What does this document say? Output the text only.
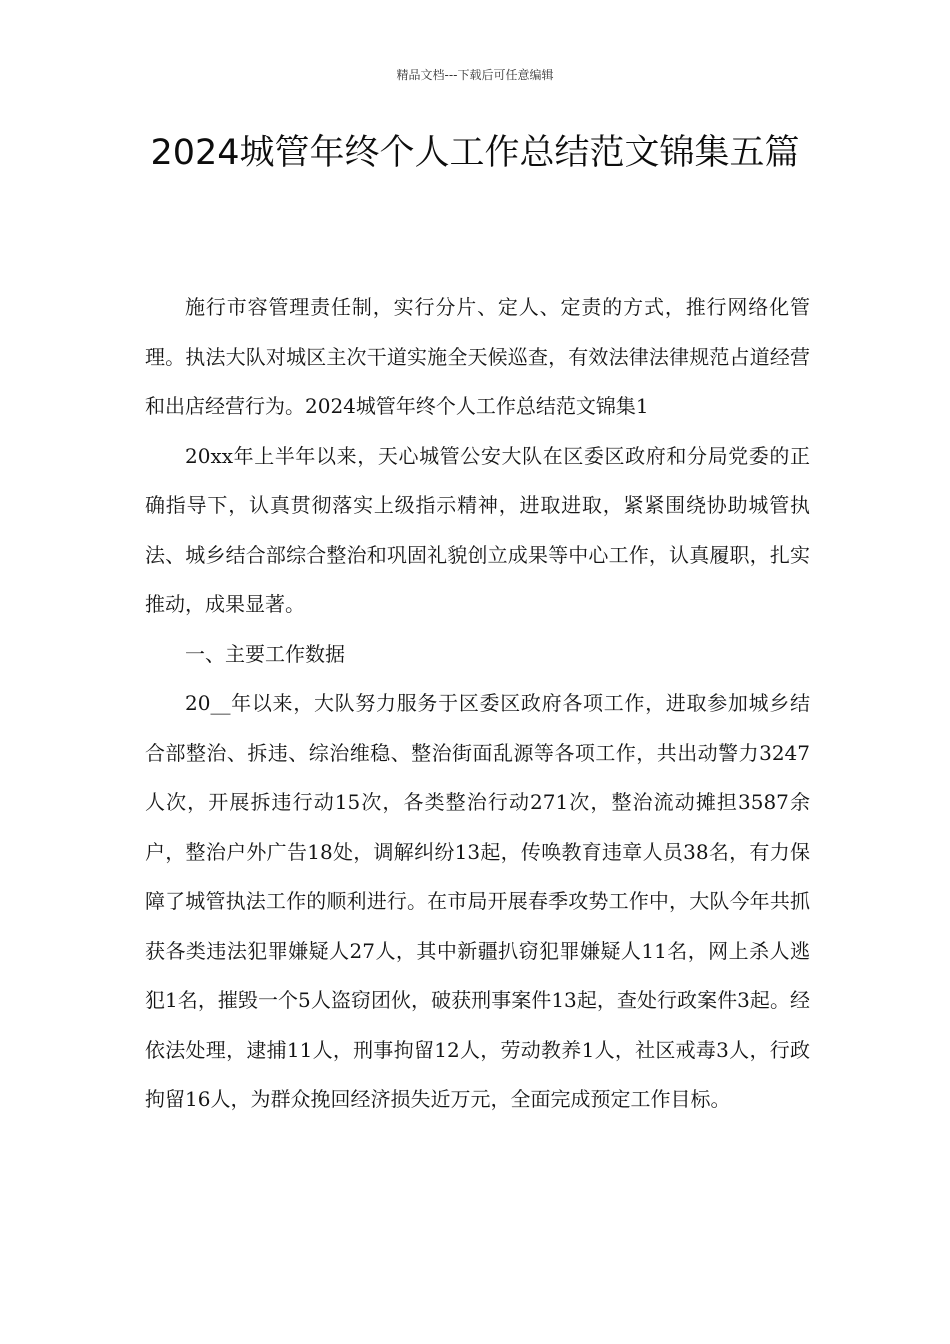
精品文档---下载后可任意编辑
2024城管年终个人工作总结范文锦集五篇

施行市容管理责任制，实行分片、定人、定责的方式，推行网络化管理。执法大队对城区主次干道实施全天候巡查，有效法律法律规范占道经营和出店经营行为。2024城管年终个人工作总结范文锦集1

20xx年上半年以来，天心城管公安大队在区委区政府和分局党委的正确指导下，认真贯彻落实上级指示精神，进取进取，紧紧围绕协助城管执法、城乡结合部综合整治和巩固礼貌创立成果等中心工作，认真履职，扎实推动，成果显著。

一、主要工作数据

20__年以来，大队努力服务于区委区政府各项工作，进取参加城乡结合部整治、拆违、综治维稳、整治街面乱源等各项工作，共出动警力3247人次，开展拆违行动15次，各类整治行动271次，整治流动摊担3587余户，整治户外广告18处，调解纠纷13起，传唤教育违章人员38名，有力保障了城管执法工作的顺利进行。在市局开展春季攻势工作中，大队今年共抓获各类违法犯罪嫌疑人27人，其中新疆扒窃犯罪嫌疑人11名，网上杀人逃犯1名，摧毁一个5人盗窃团伙，破获刑事案件13起，查处行政案件3起。经依法处理，逮捕11人，刑事拘留12人，劳动教养1人，社区戒毒3人，行政拘留16人，为群众挽回经济损失近万元，全面完成预定工作目标。
